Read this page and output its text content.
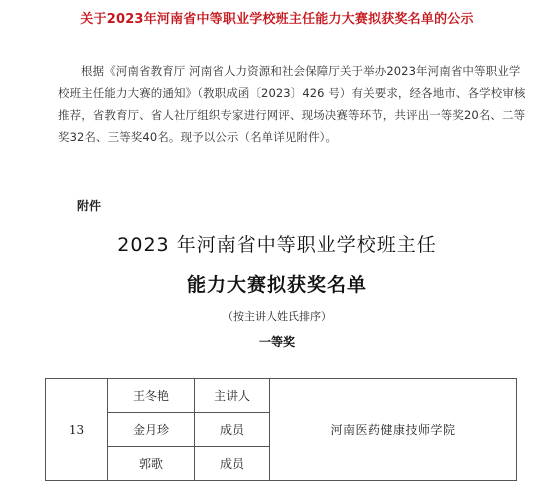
关于2023年河南省中等职业学校班主任能力大赛拟获奖名单的公示

根据《河南省教育厅 河南省人力资源和社会保障厅关于举办2023年河南省中等职业学校班主任能力大赛的通知》（教职成函〔2023〕426 号）有关要求，经各地市、各学校审核推荐，省教育厅、省人社厅组织专家进行网评、现场决赛等环节，共评出一等奖20名、二等奖32名、三等奖40名。现予以公示（名单详见附件）。

附件
2023 年河南省中等职业学校班主任
能力大赛拟获奖名单
（按主讲人姓氏排序）
一等奖
13	王冬艳	主讲人	河南医药健康技师学院
	金月珍	成员	
	郭歌	成员	
